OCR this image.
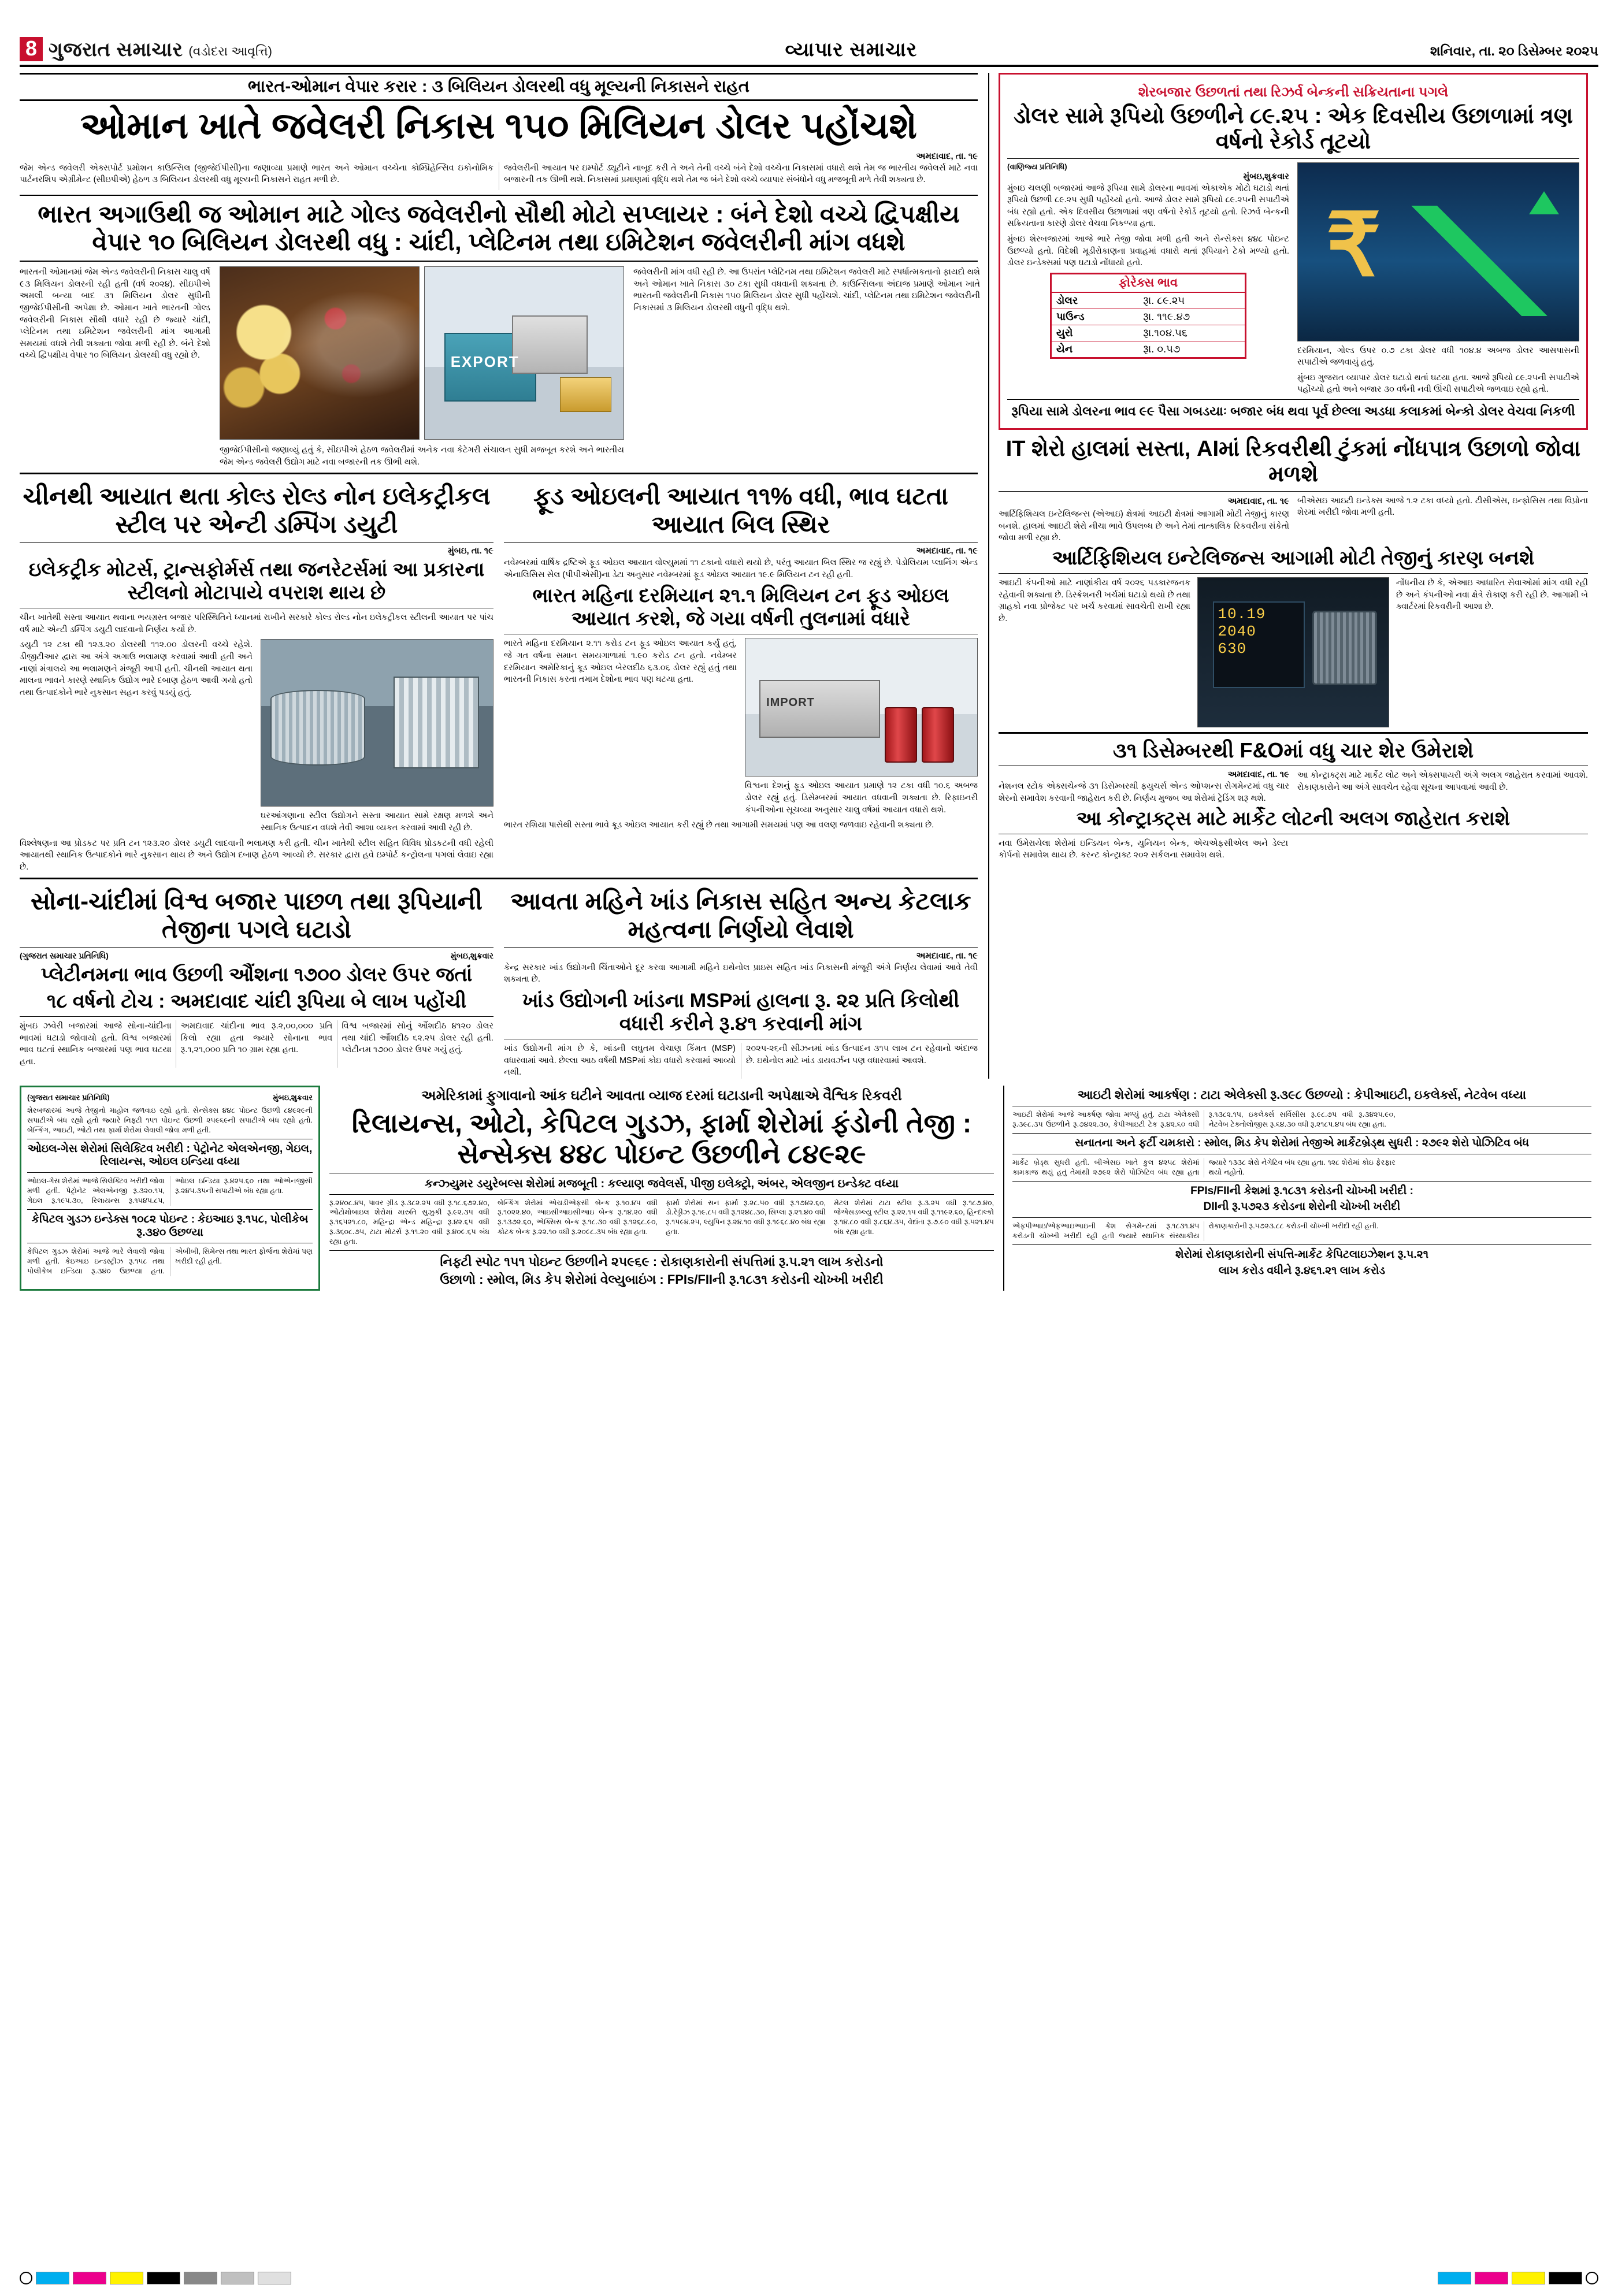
8 ગુજરાત સમાચાર (વડોદરા આવૃત્તિ)	વ્યાપાર સમાચાર	શનિવાર, તા. ૨૦ ડિસેમ્બર ૨૦૨૫
ભારત-ઓમાન વેપાર કરાર : ૩ બિલિયન ડોલરથી વધુ મૂલ્યની નિકાસને રાહત
ઓમાન ખાતે જવેલરી નિકાસ ૧૫૦ મિલિયન ડોલર પહોંચશે
અમદાવાદ, તા. ૧૯

જેમ એન્ડ જવેલરી એક્સપોર્ટ પ્રમોશન કાઉન્સિલ (જીજેઈપીસી)ના જણાવ્યા પ્રમાણે ભારત અને ઓમાન વચ્ચેના કોમ્પ્રિહેન્સિવ ઇકોનોમિક પાર્ટનરશિપ એગ્રીમેન્ટ (સીઇપીએ) હેઠળ ૩ બિલિયન ડોલરથી વધુ મૂલ્યની નિકાસને રાહત મળી છે.

જવેલરીની આયાત પર ઇમ્પોર્ટ ડ્યૂટીને નાબૂદ કરી તે અને તેની વચ્ચે બંને દેશો વચ્ચેના નિકાસમાં વધારો થશે તેમ જ ભારતીય જવેલર્સ માટે નવા બજારની તક ઊભી થશે. નિકાસમાં પ્રમાણમાં વૃદ્ધિ થશે તેમ જ બંને દેશો વચ્ચે વ્યાપાર સંબંધોને વધુ મજબૂતી મળે તેવી શક્યતા છે.

ભારત અગાઉથી જ ઓમાન માટે ગોલ્ડ જવેલરીનો સૌથી મોટો સપ્લાયર : બંને દેશો વચ્ચે દ્વિપક્ષીય વેપાર ૧૦ બિલિયન ડોલરથી વધુ : ચાંદી, પ્લેટિનમ તથા ઇમિટેશન જવેલરીની માંગ વધશે
ભારતની ઓમાનમાં જેમ એન્ડ જવેલરીની નિકાસ ચાલુ વર્ષે ૯૩ મિલિયન ડોલરની રહી હતી (વર્ષ ૨૦૨૪). સીઇપીએ અમલી બન્યા બાદ ૩૧ મિલિયન ડોલર સુધીની જીજેઈપીસીની અપેક્ષા છે. ઓમાન ખાતે ભારતની ગોલ્ડ જવેલરીની નિકાસ સૌથી વધારે રહી છે જ્યારે ચાંદી, પ્લેટિનમ તથા ઇમિટેશન જવેલરીની માંગ આગામી સમયમાં વધશે તેવી શક્યતા જોવા મળી રહી છે. બંને દેશો વચ્ચે દ્વિપક્ષીય વેપાર ૧૦ બિલિયન ડોલરથી વધુ રહ્યો છે.	EXPORT
જીજેઈપીસીનો જણાવ્યું હતું કે, સીઇપીએ હેઠળ જવેલરીમાં અનેક નવા કેટેગરી સંચાલન સુધી મજબૂત કરશે અને ભારતીય જેમ એન્ડ જવેલરી ઉદ્યોગ માટે નવા બજારની તક ઊભી થશે.
જવેલરીની માંગ વધી રહી છે. આ ઉપરાંત પ્લેટિનમ તથા ઇમિટેશન જવેલરી માટે સ્પર્ધાત્મકતાનો ફાયદો થશે અને ઓમાન ખાતે નિકાસ ૩૦ ટકા સુધી વધવાની શક્યતા છે. કાઉન્સિલના અંદાજ પ્રમાણે ઓમાન ખાતે ભારતની જવેલરીની નિકાસ ૧૫૦ મિલિયન ડોલર સુધી પહોંચશે. ચાંદી, પ્લેટિનમ તથા ઇમિટેશન જવેલરીની નિકાસમાં ૩ મિલિયન ડોલરથી વધુની વૃદ્ધિ થશે.
ચીનથી આયાત થતા કોલ્ડ રોલ્ડ નોન ઇલેકટ્રીકલ સ્ટીલ પર એન્ટી ડમ્પિંગ ડયુટી
મુંબઇ, તા. ૧૯
ઇલેકટ્રીક મોટર્સ, ટ્રાન્સફોર્મર્સ તથા જનરેટર્સમાં આ પ્રકારના સ્ટીલનો મોટાપાયે વપરાશ થાય છે
ચીન ખાતેથી સસ્તા આયાત થવાના ભયગ્રસ્ત બજાર પરિસ્થિતિને ધ્યાનમાં રાખીને સરકારે કોલ્ડ રોલ્ડ નોન ઇલેકટ્રીકલ સ્ટીલની આયાત પર પાંચ વર્ષ માટે એન્ટી ડમ્પિંગ ડયુટી લાદવાનો નિર્ણય કર્યો છે.
ડયુટી ૧૨ ટકા થી ૧૨૩.૨૦ ડોલરથી ૧૧૨.૦૦ ડોલરની વચ્ચે રહેશે. ડીજીટીઆર દ્વારા આ અંગે અગાઉ ભલામણ કરવામાં આવી હતી અને નાણાં મંત્રાલયે આ ભલામણને મંજૂરી આપી હતી. ચીનથી આયાત થતા માલના ભાવને કારણે સ્થાનિક ઉદ્યોગ ભારે દબાણ હેઠળ આવી ગયો હતો તથા ઉત્પાદકોને ભારે નુકસાન સહન કરવું પડયું હતું.
ઘરઆંગણાના સ્ટીલ ઉદ્યોગને સસ્તા આયાત સામે રક્ષણ મળશે અને સ્થાનિક ઉત્પાદન વધશે તેવી આશા વ્યકત કરવામાં આવી રહી છે.
વિશ્લેષણના આ પ્રોડકટ પર પ્રતિ ટન ૧૨૩.૨૦ ડોલર ડયુટી લાદવાની ભલામણ કરી હતી. ચીન ખાતેથી સ્ટીલ સહિત વિવિધ પ્રોડકટની વધી રહેલી આયાતથી સ્થાનિક ઉત્પાદકોને ભારે નુકસાન થાય છે અને ઉદ્યોગ દબાણ હેઠળ આવ્યો છે. સરકાર દ્વારા હવે ઇમ્પોર્ટ કન્ટ્રોલના પગલાં લેવાઇ રહ્યા છે.
ફૂડ ઓઇલની આયાત ૧૧% વધી, ભાવ ઘટતા આયાત બિલ સ્થિર
અમદાવાદ, તા. ૧૯
નવેમ્બરમાં વાર્ષિક દ્રષ્ટિએ ફૂડ ઓઇલ આયાત વોલ્યુમમાં ૧૧ ટકાનો વધારો થયો છે, પરંતુ આયાત બિલ સ્થિર જ રહ્યું છે. પેડોલિયમ પ્લાનિંગ એન્ડ એનાલિસિસ સેલ (પીપીએસી)ના ડેટા અનુસાર નવેમ્બરમાં ફૂડ ઓઇલ આયાત ૧૯.૯ મિલિયન ટન રહી હતી.
ભારત મહિના દરમિયાન ૨૧.૧ મિલિયન ટન ફૂડ ઓઇલ આયાત કરશે, જે ગયા વર્ષની તુલનામાં વધારે
ભારતે મહિના દરમિયાન ૨.૧૧ કરોડ ટન ફૂડ ઓઇલ આયાત કર્યું હતું, જે ગત વર્ષના સમાન સમયગાળામાં ૧.૯૦ કરોડ ટન હતો. નવેમ્બર દરમિયાન અમેરિકાનું ક્રૂડ ઓઇલ બેરલદીઠ ૬૩.૦૬ ડોલર રહ્યું હતું તથા ભારતની નિકાસ કરતા તમામ દેશોના ભાવ પણ ઘટયા હતા.
IMPORT
વિશ્વના દેશનું ફૂડ ઓઇલ આયાત પ્રમાણે ૧૨ ટકા વધી ૧૦.૬ અબજ ડોલર રહ્યું હતું. ડિસેમ્બરમાં આયાત વધવાની શક્યતા છે. રિફાઇનરી કંપનીઓના સૂચવ્યા અનુસાર ચાલુ વર્ષમાં આયાત વધારો થશે.
ભારત રશિયા પાસેથી સસ્તા ભાવે ક્રૂડ ઓઇલ આયાત કરી રહ્યું છે તથા આગામી સમયમાં પણ આ વલણ જળવાઇ રહેવાની શક્યતા છે.
સોના-ચાંદીમાં વિશ્વ બજાર પાછળ તથા રૂપિયાની તેજીના પગલે ઘટાડો
(ગુજરાત સમાચાર પ્રતિનિધિ)	મુંબઇ,શુક્રવાર
પ્લેટીનમના ભાવ ઉછળી ઔંશના ૧૭૦૦ ડોલર ઉપર જતાં
૧૮ વર્ષનો ટોચ : અમદાવાદ ચાંદી રૂપિયા બે લાખ પહોંચી

મુંબઇ ઝવેરી બજારમાં આજે સોના-ચાંદીના ભાવમાં ઘટાડો જોવાયો હતો. વિશ્વ બજારમાં ભાવ ઘટતાં સ્થાનિક બજારમાં પણ ભાવ ઘટયા હતા.

અમદાવાદ ચાંદીના ભાવ રૂ.૨,૦૦,૦૦૦ પ્રતિ કિલો રહ્યા હતા જ્યારે સોનાના ભાવ રૂ.૧,૨૧,૦૦૦ પ્રતિ ૧૦ ગ્રામ રહ્યા હતા.

વિશ્વ બજારમાં સોનું ઔંશદીઠ ૪૧૨૦ ડોલર તથા ચાંદી ઔંશદીઠ ૬૨.૨૫ ડોલર રહી હતી. પ્લેટીનમ ૧૭૦૦ ડોલર ઉપર ગયું હતું.

આવતા મહિને ખાંડ નિકાસ સહિત અન્ય કેટલાક મહત્વના નિર્ણયો લેવાશે
અમદાવાદ, તા. ૧૯
કેન્દ્ર સરકાર ખાંડ ઉદ્યોગની ચિંતાઓને દૂર કરવા આગામી મહિને ઇથેનોલ પ્રાઇસ સહિત ખાંડ નિકાસની મંજૂરી અંગે નિર્ણય લેવામાં આવે તેવી શક્યતા છે.
ખાંડ ઉદ્યોગની ખાંડના MSPમાં હાલના રૂ. ૨૨ પ્રતિ કિલોથી વધારી કરીને રૂ.૪૧ કરવાની માંગ

ખાંડ ઉદ્યોગની માંગ છે કે, ખાંડની લઘુતમ વેચાણ કિંમત (MSP) વધારવામાં આવે. છેલ્લા આઠ વર્ષથી MSPમાં કોઇ વધારો કરવામાં આવ્યો નથી.

૨૦૨૫-૨૬ની સીઝનમાં ખાંડ ઉત્પાદન ૩૧૫ લાખ ટન રહેવાનો અંદાજ છે. ઇથેનોલ માટે ખાંડ ડાયવર્ઝન પણ વધારવામાં આવશે.

શેરબજાર ઉછળતાં તથા રિઝર્વ બેન્કની સક્રિયતાના પગલે
ડોલર સામે રૂપિયો ઉછળીને ૮૯.૨૫ : એક દિવસીય ઉછાળામાં ત્રણ વર્ષનો રેકોર્ડ તૂટયો
(વાણિજ્ય પ્રતિનિધિ)
મુંબઇ,શુક્રવાર
મુંબઇ ચલણી બજારમાં આજે રૂપિયા સામે ડોલરના ભાવમાં એકાએક મોટો ઘટાડો થતાં રૂપિયો ઉછળી ૮૯.૨૫ સુધી પહોંચ્યો હતો. આજે ડોલર સામે રૂપિયો ૮૯.૨૫ની સપાટીએ બંધ રહ્યો હતો. એક દિવસીય ઉછાળામાં ત્રણ વર્ષનો રેકોર્ડ તૂટયો હતો. રિઝર્વ બેન્કની સક્રિયતાના કારણે ડોલર વેચવા નિકળ્યા હતા.
મુંબઇ શેરબજારમાં આજે ભારે તેજી જોવા મળી હતી અને સેન્સેક્સ ૪૪૮ પોઇન્ટ ઉછળ્યો હતો. વિદેશી મૂડીરોકાણના પ્રવાહમાં વધારો થતાં રૂપિયાને ટેકો મળ્યો હતો. ડોલર ઇન્ડેક્સમાં પણ ઘટાડો નોંધાયો હતો.
ફોરેક્સ ભાવ
ડોલર	રૂા. ૮૯.૨૫
પાઉન્ડ	રૂા. ૧૧૯.૪૭
યુરો	રૂા.૧૦૪.૫૬
યેન	રૂા. ૦.૫૭
₹
દરમિયાન, ગોલ્ડ ઉપર ૦.૭ ટકા ડોલર વધી ૧૦૪.૪ અબજ ડોલર આસપાસની સપાટીએ જળવાયું હતું.
મુંબઇ ગુજરાત વ્યાપાર ડોલર ઘટાડો થતાં ઘટયા હતા. આજે રૂપિયો ૮૯.૨૫ની સપાટીએ પહોંચ્યો હતો અને બજાર ૩૦ વર્ષની નવી ઊંચી સપાટીએ જળવાઇ રહ્યો હતો.
રૂપિયા સામે ડોલરના ભાવ ૯૯ પૈસા ગબડયાઃ બજાર બંધ થવા પૂર્વ છેલ્લા અડધા કલાકમાં બેન્કો ડોલર વેચવા નિકળી
IT શેરો હાલમાં સસ્તા, AIમાં રિકવરીથી ટુંકમાં નોંધપાત્ર ઉછાળો જોવા મળશે
અમદાવાદ, તા. ૧૯
આર્ટિફિશિયલ ઇન્ટેલિજન્સ (એઆઇ) ક્ષેત્રમાં આઇટી ક્ષેત્રમાં આગામી મોટી તેજીનું કારણ બનશે. હાલમાં આઇટી શેરો નીચા ભાવે ઉપલબ્ધ છે અને તેમાં તાત્કાલિક રિકવરીના સંકેતો જોવા મળી રહ્યા છે.
બીએસઇ આઇટી ઇન્ડેક્સ આજે ૧.૨ ટકા વધ્યો હતો. ટીસીએસ, ઇન્ફોસિસ તથા વિપ્રોના શેરમાં ખરીદી જોવા મળી હતી.
આર્ટિફિશિયલ ઇન્ટેલિજન્સ આગામી મોટી તેજીનું કારણ બનશે
આઇટી કંપનીઓ માટે નાણાંકીય વર્ષ ૨૦૨૬ પડકારજનક રહેવાની શક્યતા છે. ડિસ્ક્રેશનરી ખર્ચમાં ઘટાડો થયો છે તથા ગ્રાહકો નવા પ્રોજેક્ટ પર ખર્ચ કરવામાં સાવચેતી રાખી રહ્યા છે.	10.19
2040
630
નોંધનીય છે કે, એઆઇ આધારિત સેવાઓમાં માંગ વધી રહી છે અને કંપનીઓ નવા ક્ષેત્રે રોકાણ કરી રહી છે. આગામી બે ક્વાર્ટરમાં રિકવરીની આશા છે.
૩૧ ડિસેમ્બરથી F&Oમાં વધુ ચાર શેર ઉમેરાશે
અમદાવાદ, તા. ૧૯
નેશનલ સ્ટોક એક્સચેન્જે ૩૧ ડિસેમ્બરથી ફ્યુચર્સ એન્ડ ઓપ્શન્સ સેગમેન્ટમાં વધુ ચાર શેરનો સમાવેશ કરવાની જાહેરાત કરી છે. નિર્ણય મુજબ આ શેરોમાં ટ્રેડિંગ શરૂ થશે.
આ કોન્ટ્રાક્ટ્સ માટે માર્કેટ લોટ અને એક્સપાયરી અંગે અલગ જાહેરાત કરવામાં આવશે. રોકાણકારોને આ અંગે સાવચેત રહેવા સૂચના આપવામાં આવી છે.
આ કોન્ટ્રાક્ટ્સ માટે માર્કેટ લોટની અલગ જાહેરાત કરાશે
નવા ઉમેરાયેલા શેરોમાં ઇન્ડિયન બેન્ક, યુનિયન બેન્ક, એચએફસીએલ અને ડેલ્ટા કોર્પનો સમાવેશ થાય છે. કરન્ટ કોન્ટ્રાક્ટ ૨૦૨ સર્કલના સમાવેશ થશે.
(ગુજરાત સમાચાર પ્રતિનિધિ)	મુંબઇ,શુક્રવાર
શેરબજારમાં આજે તેજીનો માહોલ જળવાઇ રહ્યો હતો. સેન્સેક્સ ૪૪૮ પોઇન્ટ ઉછળી ૮૪૯૨૯ની સપાટીએ બંધ રહ્યો હતો જ્યારે નિફ્ટી ૧૫૧ પોઇન્ટ ઉછળી ૨૫૯૬૯ની સપાટીએ બંધ રહ્યો હતો. બેન્કિંગ, આઇટી, ઓટો તથા ફાર્મા શેરોમાં લેવાલી જોવા મળી હતી.
ઓઇલ-ગેસ શેરોમાં સિલેક્ટિવ ખરીદી : પેટ્રોનેટ એલએનજી, ગેઇલ, રિલાયન્સ, ઓઇલ ઇન્ડિયા વધ્યા
ઓઇલ-ગેસ શેરોમાં આજે સિલેક્ટિવ ખરીદી જોવા મળી હતી. પેટ્રોનેટ એલએનજી રૂ.૩૨૦.૧૫, ગેઇલ રૂ.૧૯૫.૩૦, રિલાયન્સ રૂ.૧૫૪૫.૮૫, ઓઇલ ઇન્ડિયા રૂ.૪૨૫.૬૦ તથા ઓએનજીસી રૂ.૨૪૫.૩૫ની સપાટીએ બંધ રહ્યા હતા.
કેપિટલ ગુડઝ ઇન્ડેક્સ ૧૦૮૨ પોઇન્ટ : કેઇઆઇ રૂ.૧૫૮, પોલીકેબ રૂ.૩૪૦ ઉછળ્યા
કેપિટલ ગુડઝ શેરોમાં આજે ભારે લેવાલી જોવા મળી હતી. કેઇઆઇ ઇન્ડસ્ટ્રીઝ રૂ.૧૫૮ તથા પોલીકેબ ઇન્ડિયા રૂ.૩૪૦ ઉછળ્યા હતા. એબીબી, સિમેન્સ તથા ભારત ફોર્જના શેરોમાં પણ ખરીદી રહી હતી.
અમેરિકામાં ફુગાવાનો આંક ઘટીને આવતા વ્યાજ દરમાં ઘટાડાની અપેક્ષાએ વૈશ્વિક રિકવરી
રિલાયન્સ, ઓટો, કેપિટલ ગુડઝ, ફાર્મા શેરોમાં ફંડોની તેજી : સેન્સેક્સ ૪૪૮ પોઇન્ટ ઉછળીને ૮૪૯૨૯
કન્ઝ્યુમર ડયુરેબલ્સ શેરોમાં મજબૂતી : કલ્યાણ જવેલર્સ, પીજી ઇલેક્ટ્રો, અંબર, એલજીન ઇન્ડેક્ટ વધ્યા
રૂ.૨૪૦૮.૪૫, પાવર ગ્રીડ રૂ.૩૮૨.૨૫ વધી રૂ.૧૮.૬૭૨.૪૦, ઓટોમોબાઇલ શેરોમાં મારુતિ સુઝુકી રૂ.૯૨.૩૫ વધી રૂ.૧૬૫૨૧.૮૦, મહિન્દ્રા એન્ડ મહિન્દ્રા રૂ.૪૨.૬૫ વધી રૂ.૩૬૦૮.૭૫, ટાટા મોટર્સ રૂ.૧૧.૨૦ વધી રૂ.૪૦૯.૬૫ બંધ રહ્યા હતા.
બેન્કિંગ શેરોમાં એચડીએફસી બેન્ક રૂ.૧૦.૪૫ વધી રૂ.૧૦૨૨.૪૦, આઇસીઆઇસીઆઇ બેન્ક રૂ.૧૪.૨૦ વધી રૂ.૧૩૭૨.૬૦, એક્સિસ બેન્ક રૂ.૧૮.૩૦ વધી રૂ.૧૨૬૮.૯૦, કોટક બેન્ક રૂ.૨૨.૧૦ વધી રૂ.૨૦૯૮.૩૫ બંધ રહ્યા હતા.
ફાર્મા શેરોમાં સન ફાર્મા રૂ.૨૮.૫૦ વધી રૂ.૧૭૪૨.૬૦, ડો.રેડ્ડીઝ રૂ.૧૯.૮૫ વધી રૂ.૧૨૪૮.૩૦, સિપ્લા રૂ.૨૧.૪૦ વધી રૂ.૧૫૯૪.૨૫, લ્યુપિન રૂ.૨૪.૧૦ વધી રૂ.૧૯૬૮.૪૦ બંધ રહ્યા હતા.
મેટલ શેરોમાં ટાટા સ્ટીલ રૂ.૩.૨૫ વધી રૂ.૧૮૭.૪૦, જેએસડબ્લ્યુ સ્ટીલ રૂ.૨૨.૧૫ વધી રૂ.૧૧૯૨.૬૦, હિન્દાલ્કો રૂ.૧૪.૮૦ વધી રૂ.૮૬૪.૩૫, વેદાંતા રૂ.૭.૯૦ વધી રૂ.૫૨૧.૪૫ બંધ રહ્યા હતા.
નિફ્ટી સ્પોટ ૧૫૧ પોઇન્ટ ઉછળીને ૨૫૯૬૯ : રોકાણકારોની સંપત્તિમાં રૂ.૫.૨૧ લાખ કરોડનો
ઉછાળો : સ્મોલ, મિડ કેપ શેરોમાં વેલ્યુબાઇંગ : FPIs/FIIની રૂ.૧૮૩૧ કરોડની ચોખ્ખી ખરીદી
આઇટી શેરોમાં આકર્ષણ : ટાટા એલેક્સી રૂ.૩૯૮ ઉછળ્યો : કેપીઆઇટી, ઇકલેર્ક્સ, નેટવેબ વધ્યા
આઇટી શેરોમાં આજે આકર્ષણ જોવા મળ્યું હતું. ટાટા એલેક્સી રૂ.૩૯૮.૩૫ ઉછળીને રૂ.૭૪૨૨.૩૦, કેપીઆઇટી ટેક રૂ.૪૨.૬૦ વધી રૂ.૧૩૮૨.૧૫, ઇકલેર્ક્સ સર્વિસીસ રૂ.૯૮.૭૫ વધી રૂ.૩૪૨૫.૯૦, નેટવેબ ટેક્નોલોજીસ રૂ.૬૪.૩૦ વધી રૂ.૨૧૮૫.૪૫ બંધ રહ્યા હતા.
સનાતના અને ફર્ટી ચમકારો : સ્મોલ, મિડ કેપ શેરોમાં તેજીએ માર્કેટબ્રેડ્થ સુધરી : ૨૭૯૨ શેરો પોઝિટિવ બંધ
માર્કેટ બ્રેડ્થ સુધરી હતી. બીએસઇ ખાતે કુલ ૪૨૫૮ શેરોમાં કામકાજ થયું હતું તેમાંથી ૨૭૯૨ શેરો પોઝિટિવ બંધ રહ્યા હતા જ્યારે ૧૩૩૮ શેરો નેગેટિવ બંધ રહ્યા હતા. ૧૨૮ શેરોમાં કોઇ ફેરફાર થયો નહોતો.
FPIs/FIIની કેશમાં રૂ.૧૮૩૧ કરોડની ચોખ્ખી ખરીદી :
DIIની રૂ.૫૭૨૩ કરોડના શેરોની ચોખ્ખી ખરીદી
એફપીઆઇ/એફઆઇઆઇની કેશ સેગમેન્ટમાં રૂ.૧૮૩૧.૪૫ કરોડની ચોખ્ખી ખરીદી રહી હતી જ્યારે સ્થાનિક સંસ્થાકીય રોકાણકારોની રૂ.૫૭૨૩.૮૮ કરોડની ચોખ્ખી ખરીદી રહી હતી.
શેરોમાં રોકાણકારોની સંપત્તિ-માર્કેટ કેપિટલાઇઝેશન રૂ.૫.૨૧
લાખ કરોડ વધીને રૂ.૪૬૧.૨૧ લાખ કરોડ
